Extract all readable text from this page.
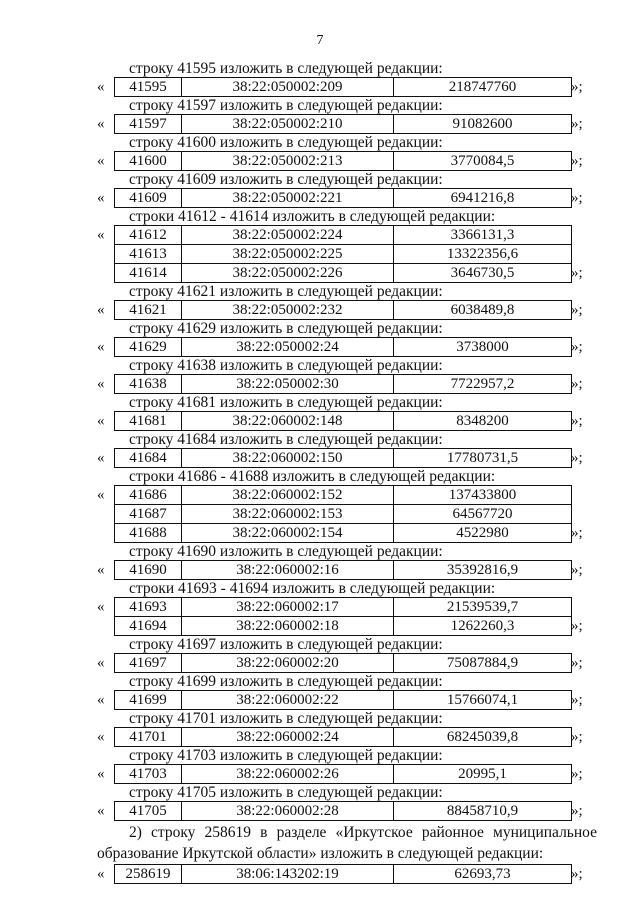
7
строку 41595 изложить в следующей редакции:
« 41595	38:22:050002:209	218747760	»;
строку 41597 изложить в следующей редакции:
« 41597	38:22:050002:210	91082600	»;
строку 41600 изложить в следующей редакции:
« 41600	38:22:050002:213	3770084,5	»;
строку 41609 изложить в следующей редакции:
« 41609	38:22:050002:221	6941216,8	»;
строки 41612 - 41614 изложить в следующей редакции:
« 41612	38:22:050002:224	3366131,3
41613	38:22:050002:225	13322356,6
41614	38:22:050002:226	3646730,5	»;
строку 41621 изложить в следующей редакции:
« 41621	38:22:050002:232	6038489,8	»;
строку 41629 изложить в следующей редакции:
« 41629	38:22:050002:24	3738000	»;
строку 41638 изложить в следующей редакции:
« 41638	38:22:050002:30	7722957,2	»;
строку 41681 изложить в следующей редакции:
« 41681	38:22:060002:148	8348200	»;
строку 41684 изложить в следующей редакции:
« 41684	38:22:060002:150	17780731,5	»;
строки 41686 - 41688 изложить в следующей редакции:
« 41686	38:22:060002:152	137433800
41687	38:22:060002:153	64567720
41688	38:22:060002:154	4522980	»;
строку 41690 изложить в следующей редакции:
« 41690	38:22:060002:16	35392816,9	»;
строки 41693 - 41694 изложить в следующей редакции:
« 41693	38:22:060002:17	21539539,7
41694	38:22:060002:18	1262260,3	»;
строку 41697 изложить в следующей редакции:
« 41697	38:22:060002:20	75087884,9	»;
строку 41699 изложить в следующей редакции:
« 41699	38:22:060002:22	15766074,1	»;
строку 41701 изложить в следующей редакции:
« 41701	38:22:060002:24	68245039,8	»;
строку 41703 изложить в следующей редакции:
« 41703	38:22:060002:26	20995,1	»;
строку 41705 изложить в следующей редакции:
« 41705	38:22:060002:28	88458710,9	»;
2) строку 258619 в разделе «Иркутское районное муниципальное
образование Иркутской области» изложить в следующей редакции:
« 258619	38:06:143202:19	62693,73	»;
